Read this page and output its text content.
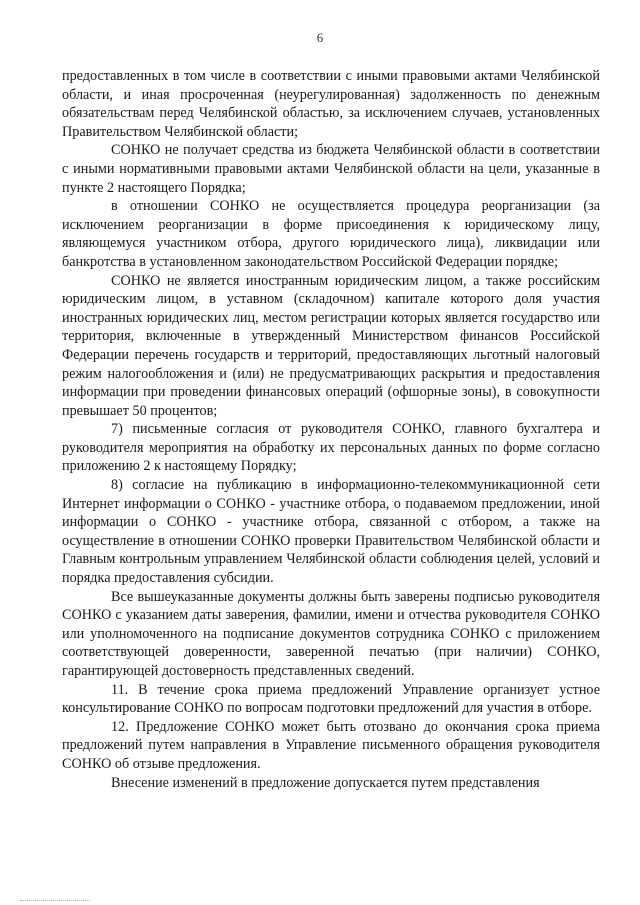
6

предоставленных в том числе в соответствии с иными правовыми актами Челябинской области, и иная просроченная (неурегулированная) задолженность по денежным обязательствам перед Челябинской областью, за исключением случаев, установленных Правительством Челябинской области;

СОНКО не получает средства из бюджета Челябинской области в соответствии с иными нормативными правовыми актами Челябинской области на цели, указанные в пункте 2 настоящего Порядка;

в отношении СОНКО не осуществляется процедура реорганизации (за исключением реорганизации в форме присоединения к юридическому лицу, являющемуся участником отбора, другого юридического лица), ликвидации или банкротства в установленном законодательством Российской Федерации порядке;

СОНКО не является иностранным юридическим лицом, а также российским юридическим лицом, в уставном (складочном) капитале которого доля участия иностранных юридических лиц, местом регистрации которых является государство или территория, включенные в утвержденный Министерством финансов Российской Федерации перечень государств и территорий, предоставляющих льготный налоговый режим налогообложения и (или) не предусматривающих раскрытия и предоставления информации при проведении финансовых операций (офшорные зоны), в совокупности превышает 50 процентов;

7) письменные согласия от руководителя СОНКО, главного бухгалтера и руководителя мероприятия на обработку их персональных данных по форме согласно приложению 2 к настоящему Порядку;

8) согласие на публикацию в информационно-телекоммуникационной сети Интернет информации о СОНКО - участнике отбора, о подаваемом предложении, иной информации о СОНКО - участнике отбора, связанной с отбором, а также на осуществление в отношении СОНКО проверки Правительством Челябинской области и Главным контрольным управлением Челябинской области соблюдения целей, условий и порядка предоставления субсидии.

Все вышеуказанные документы должны быть заверены подписью руководителя СОНКО с указанием даты заверения, фамилии, имени и отчества руководителя СОНКО или уполномоченного на подписание документов сотрудника СОНКО с приложением соответствующей доверенности, заверенной печатью (при наличии) СОНКО, гарантирующей достоверность представленных сведений.

11. В течение срока приема предложений Управление организует устное консультирование СОНКО по вопросам подготовки предложений для участия в отборе.

12. Предложение СОНКО может быть отозвано до окончания срока приема предложений путем направления в Управление письменного обращения руководителя СОНКО об отзыве предложения.

Внесение изменений в предложение допускается путем представления
